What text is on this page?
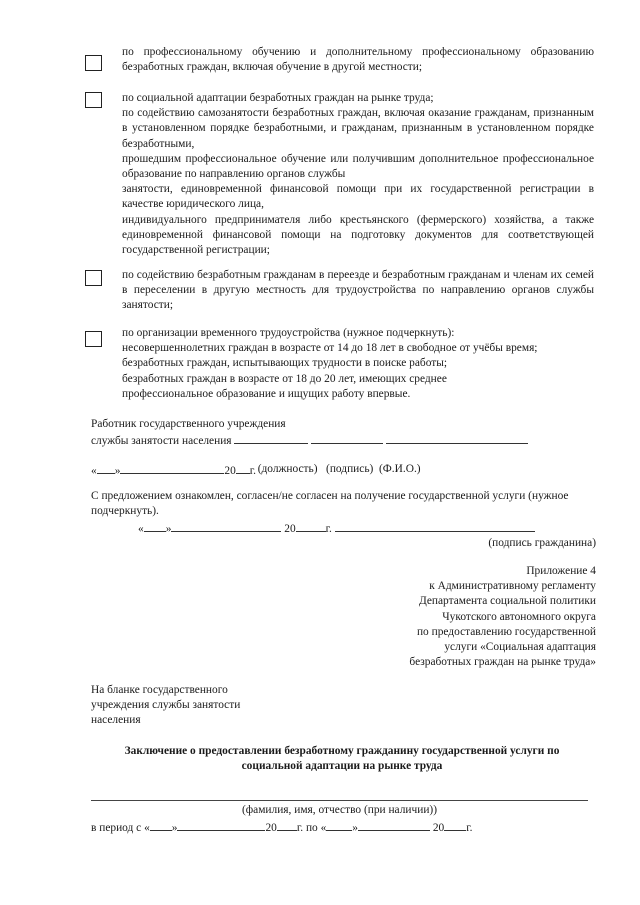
по профессиональному обучению и дополнительному профессиональному образованию безработных граждан, включая обучение в другой местности;
по социальной адаптации безработных граждан на рынке труда;
по содействию самозанятости безработных граждан, включая оказание гражданам, признанным в установленном порядке безработными, и гражданам, признанным в установленном порядке безработными,
прошедшим профессиональное обучение или получившим дополнительное профессиональное образование по направлению органов службы
занятости, единовременной финансовой помощи при их государственной регистрации в качестве юридического лица,
индивидуального предпринимателя либо крестьянского (фермерского) хозяйства, а также единовременной финансовой помощи на подготовку документов для соответствующей государственной регистрации;
по содействию безработным гражданам в переезде и безработным гражданам и членам их семей в переселении в другую местность для трудоустройства по направлению органов службы занятости;
по организации временного трудоустройства (нужное подчеркнуть):
несовершеннолетних граждан в возрасте от 14 до 18 лет в свободное от учёбы время;
безработных граждан, испытывающих трудности в поиске работы;
безработных граждан в возрасте от 18 до 20 лет, имеющих среднее профессиональное образование и ищущих работу впервые.
Работник государственного учреждения
службы занятости населения

(должность)   (подпись)  (Ф.И.О.)

« »	20 г.
С предложением ознакомлен, согласен/не согласен на получение государственной услуги (нужное подчеркнуть).
« »	20	г.
(подпись гражданина)
Приложение 4
к Административному регламенту
Департамента социальной политики
Чукотского автономного округа
по предоставлению государственной
услуги «Социальная адаптация
безработных граждан на рынке труда»
На бланке государственного
учреждения службы занятости
населения
Заключение о предоставлении безработному гражданину государственной услуги по
социальной адаптации на рынке труда
(фамилия, имя, отчество (при наличии))
в период с « »	20 г. по « »	20 г.
